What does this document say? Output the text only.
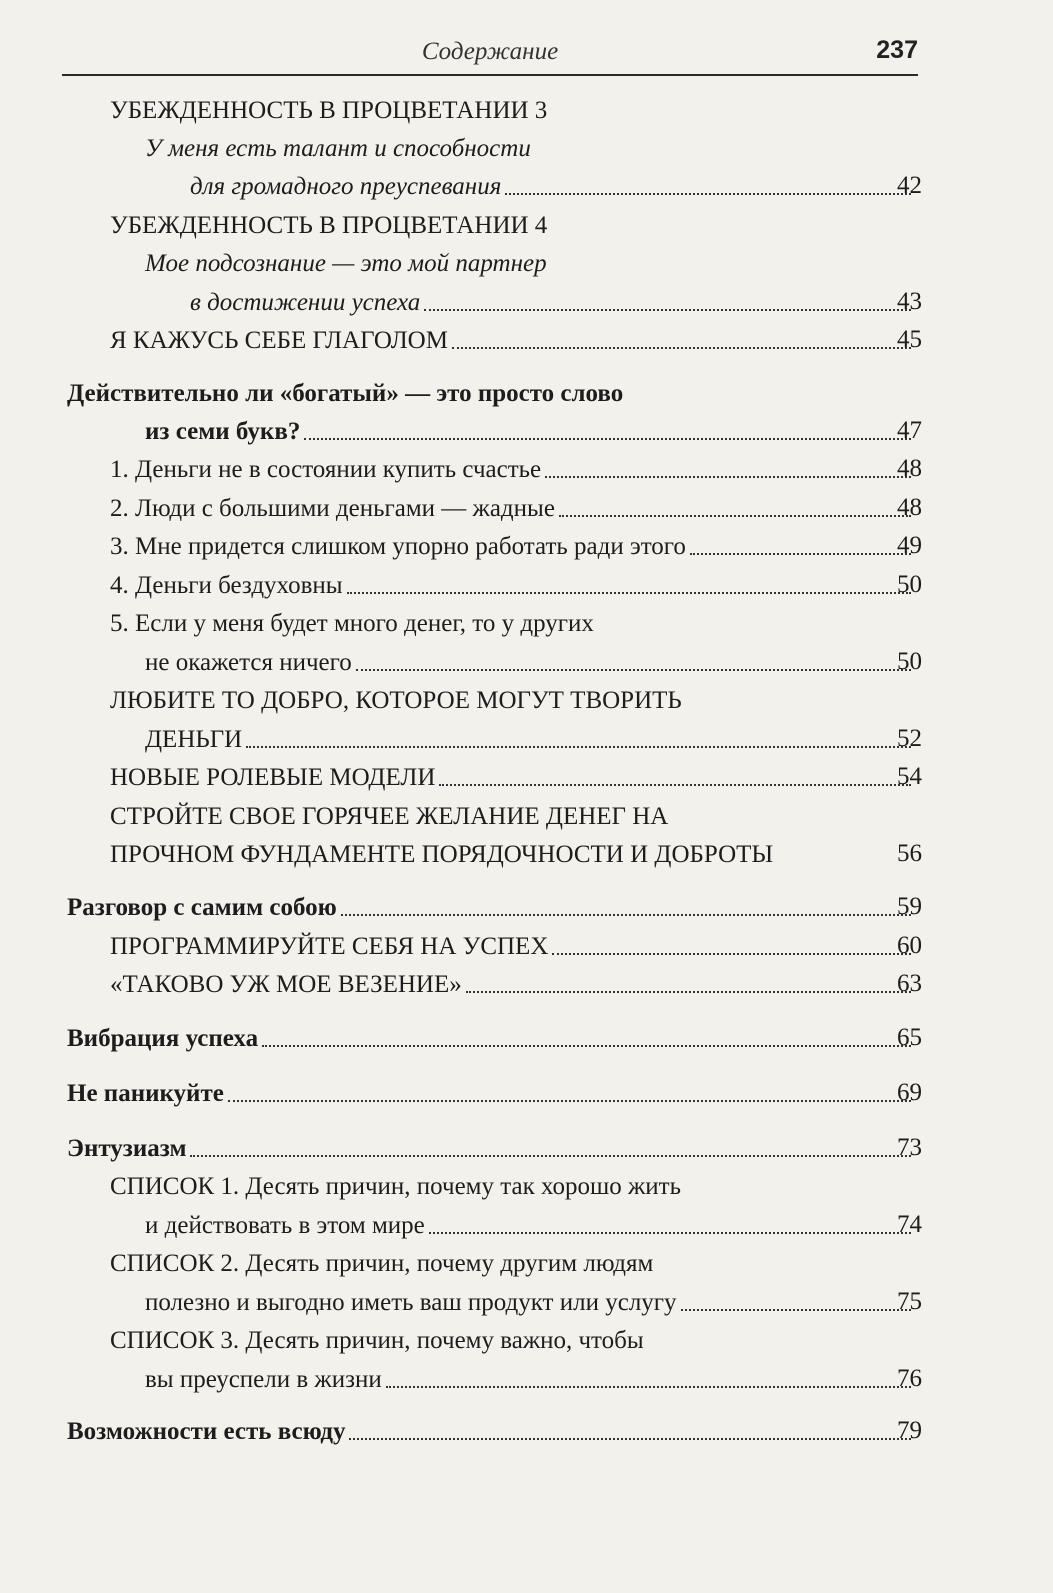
Содержание	237
УБЕЖДЕННОСТЬ В ПРОЦВЕТАНИИ 3
У меня есть талант и способности
для громадного преуспевания	42
УБЕЖДЕННОСТЬ В ПРОЦВЕТАНИИ 4
Мое подсознание — это мой партнер
в достижении успеха	43
Я КАЖУСЬ СЕБЕ ГЛАГОЛОМ	45
Действительно ли «богатый» — это просто слово
из семи букв?	47
1. Деньги не в состоянии купить счастье	48
2. Люди с большими деньгами — жадные	48
3. Мне придется слишком упорно работать ради этого	49
4. Деньги бездуховны	50
5. Если у меня будет много денег, то у других
не окажется ничего	50
ЛЮБИТЕ ТО ДОБРО, КОТОРОЕ МОГУТ ТВОРИТЬ
ДЕНЬГИ	52
НОВЫЕ РОЛЕВЫЕ МОДЕЛИ	54
СТРОЙТЕ СВОЕ ГОРЯЧЕЕ ЖЕЛАНИЕ ДЕНЕГ НА
ПРОЧНОМ ФУНДАМЕНТЕ ПОРЯДОЧНОСТИ И ДОБРОТЫ	56
Разговор с самим собою	59
ПРОГРАММИРУЙТЕ СЕБЯ НА УСПЕХ	60
«ТАКОВО УЖ МОЕ ВЕЗЕНИЕ»	63
Вибрация успеха	65
Не паникуйте	69
Энтузиазм	73
СПИСОК 1. Десять причин, почему так хорошо жить
и действовать в этом мире	74
СПИСОК 2. Десять причин, почему другим людям
полезно и выгодно иметь ваш продукт или услугу	75
СПИСОК 3. Десять причин, почему важно, чтобы
вы преуспели в жизни	76
Возможности есть всюду	79
